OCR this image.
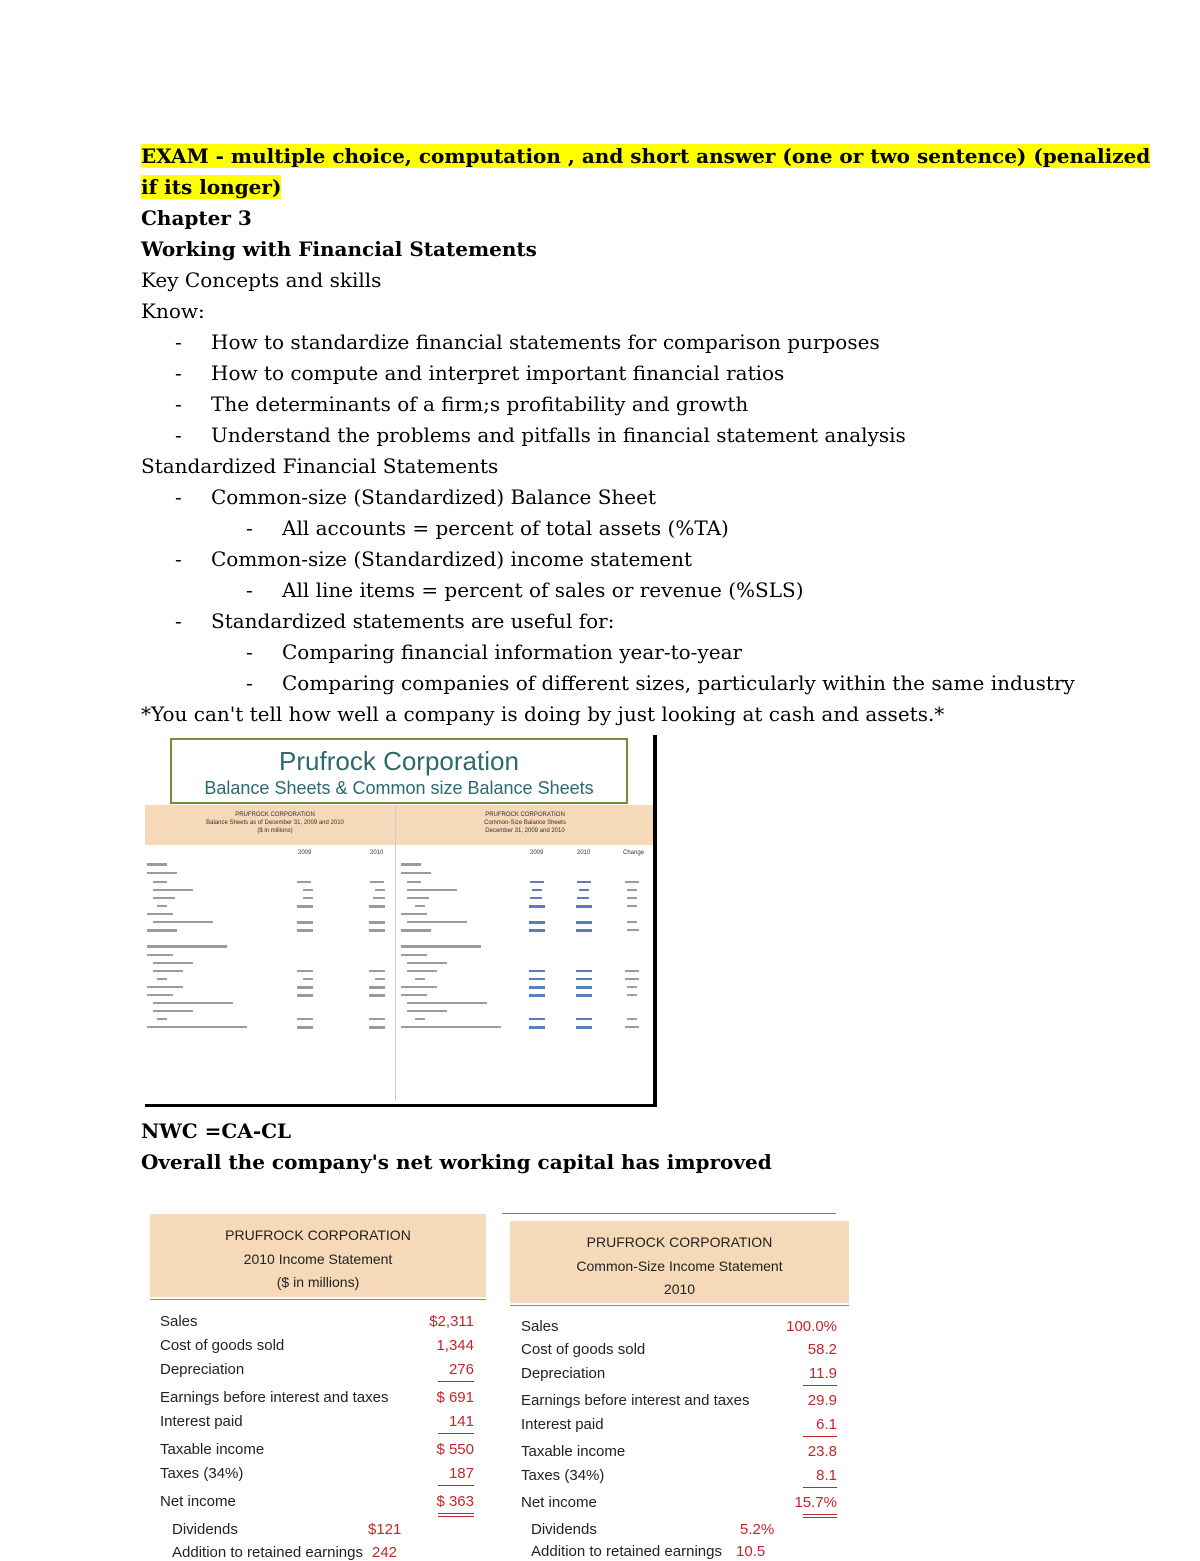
EXAM - multiple choice, computation , and short answer (one or two sentence) (penalized
if its longer)
Chapter 3
Working with Financial Statements
Key Concepts and skills
Know:
- How to standardize financial statements for comparison purposes
- How to compute and interpret important financial ratios
- The determinants of a firm;s profitability and growth
- Understand the problems and pitfalls in financial statement analysis
Standardized Financial Statements
- Common-size (Standardized) Balance Sheet
- All accounts = percent of total assets (%TA)
- Common-size (Standardized) income statement
- All line items = percent of sales or revenue (%SLS)
- Standardized statements are useful for:
- Comparing financial information year-to-year
- Comparing companies of different sizes, particularly within the same industry
*You can't tell how well a company is doing by just looking at cash and assets.*
Prufrock Corporation
Balance Sheets & Common size Balance Sheets
PRUFROCK CORPORATION
Balance Sheets as of December 31, 2009 and 2010
($ in millions)
PRUFROCK CORPORATION
Common-Size Balance Sheets
December 31, 2009 and 2010
2009	2010	2009	2010	Change
NWC =CA-CL
Overall the company's net working capital has improved
PRUFROCK CORPORATION
2010 Income Statement
($ in millions)
Sales	$2,311
Cost of goods sold	1,344
Depreciation	276
Earnings before interest and taxes	$ 691
Interest paid	141
Taxable income	$ 550
Taxes (34%)	187
Net income	$ 363
Dividends	$121
Addition to retained earnings 242
PRUFROCK CORPORATION
Common-Size Income Statement
2010
Sales	100.0%
Cost of goods sold	58.2
Depreciation	11.9
Earnings before interest and taxes	29.9
Interest paid	6.1
Taxable income	23.8
Taxes (34%)	8.1
Net income	15.7%
Dividends	5.2%
Addition to retained earnings 10.5
